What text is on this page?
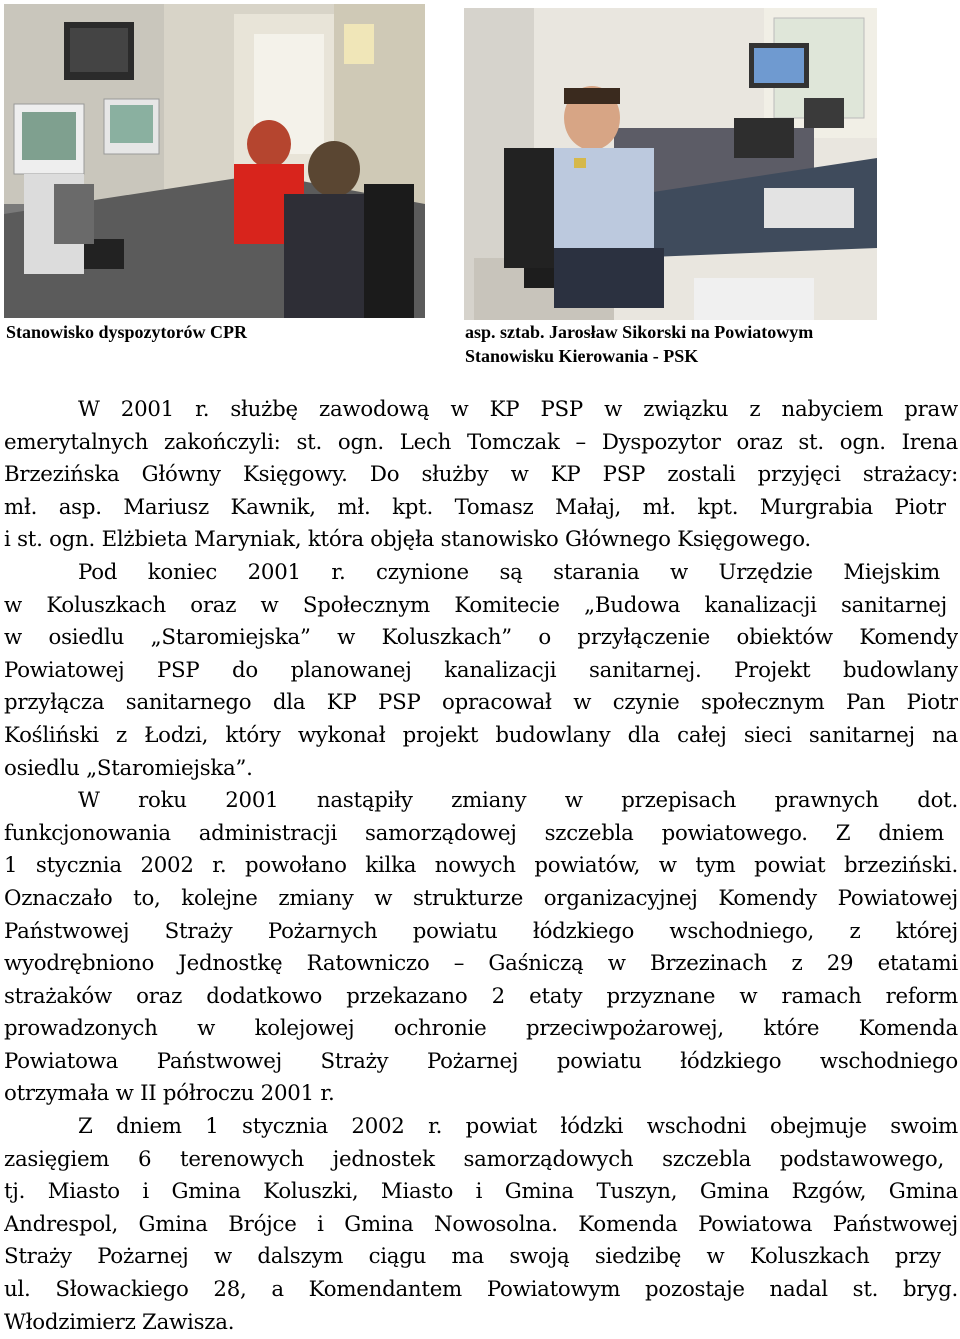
Stanowisko dyspozytorów CPR	asp. sztab. Jarosław Sikorski na Powiatowym
Stanowisku Kierowania - PSK
W 2001 r. służbę zawodową w KP PSP w związku z nabyciem praw
emerytalnych zakończyli: st. ogn. Lech Tomczak – Dyspozytor oraz st. ogn. Irena
Brzezińska Główny Księgowy. Do służby w KP PSP zostali przyjęci strażacy:
mł. asp. Mariusz Kawnik, mł. kpt. Tomasz Małaj, mł. kpt. Murgrabia Piotr
i st. ogn. Elżbieta Maryniak, która objęła stanowisko Głównego Księgowego.
Pod koniec 2001 r. czynione są starania w Urzędzie Miejskim
w Koluszkach oraz w Społecznym Komitecie „Budowa kanalizacji sanitarnej
w osiedlu „Staromiejska” w Koluszkach” o przyłączenie obiektów Komendy
Powiatowej PSP do planowanej kanalizacji sanitarnej. Projekt budowlany
przyłącza sanitarnego dla KP PSP opracował w czynie społecznym Pan Piotr
Kośliński z Łodzi, który wykonał projekt budowlany dla całej sieci sanitarnej na
osiedlu „Staromiejska”.
W roku 2001 nastąpiły zmiany w przepisach prawnych dot.
funkcjonowania administracji samorządowej szczebla powiatowego. Z dniem
1 stycznia 2002 r. powołano kilka nowych powiatów, w tym powiat brzeziński.
Oznaczało to, kolejne zmiany w strukturze organizacyjnej Komendy Powiatowej
Państwowej Straży Pożarnych powiatu łódzkiego wschodniego, z której
wyodrębniono Jednostkę Ratowniczo – Gaśniczą w Brzezinach z 29 etatami
strażaków oraz dodatkowo przekazano 2 etaty przyznane w ramach reform
prowadzonych w kolejowej ochronie przeciwpożarowej, które Komenda
Powiatowa Państwowej Straży Pożarnej powiatu łódzkiego wschodniego
otrzymała w II półroczu 2001 r.
Z dniem 1 stycznia 2002 r. powiat łódzki wschodni obejmuje swoim
zasięgiem 6 terenowych jednostek samorządowych szczebla podstawowego,
tj. Miasto i Gmina Koluszki, Miasto i Gmina Tuszyn, Gmina Rzgów, Gmina
Andrespol, Gmina Brójce i Gmina Nowosolna. Komenda Powiatowa Państwowej
Straży Pożarnej w dalszym ciągu ma swoją siedzibę w Koluszkach przy
ul. Słowackiego 28, a Komendantem Powiatowym pozostaje nadal st. bryg.
Włodzimierz Zawisza.
